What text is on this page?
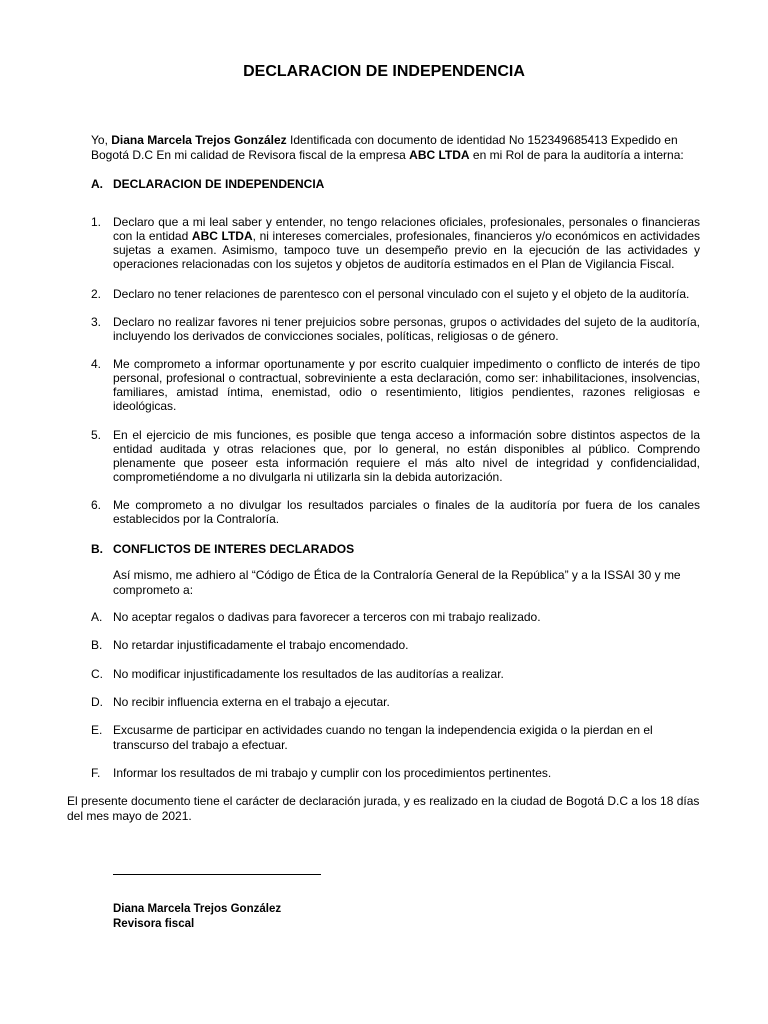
DECLARACION DE INDEPENDENCIA
Yo, Diana Marcela Trejos González Identificada con documento de identidad No 152349685413 Expedido en Bogotá D.C En mi calidad de Revisora fiscal de la empresa ABC LTDA en mi Rol de para la auditoría a interna:
A. DECLARACION DE INDEPENDENCIA
1. Declaro que a mi leal saber y entender, no tengo relaciones oficiales, profesionales, personales o financieras con la entidad ABC LTDA, ni intereses comerciales, profesionales, financieros y/o económicos en actividades sujetas a examen. Asimismo, tampoco tuve un desempeño previo en la ejecución de las actividades y operaciones relacionadas con los sujetos y objetos de auditoría estimados en el Plan de Vigilancia Fiscal.
2. Declaro no tener relaciones de parentesco con el personal vinculado con el sujeto y el objeto de la auditoría.
3. Declaro no realizar favores ni tener prejuicios sobre personas, grupos o actividades del sujeto de la auditoría, incluyendo los derivados de convicciones sociales, políticas, religiosas o de género.
4. Me comprometo a informar oportunamente y por escrito cualquier impedimento o conflicto de interés de tipo personal, profesional o contractual, sobreviniente a esta declaración, como ser: inhabilitaciones, insolvencias, familiares, amistad íntima, enemistad, odio o resentimiento, litigios pendientes, razones religiosas e ideológicas.
5. En el ejercicio de mis funciones, es posible que tenga acceso a información sobre distintos aspectos de la entidad auditada y otras relaciones que, por lo general, no están disponibles al público. Comprendo plenamente que poseer esta información requiere el más alto nivel de integridad y confidencialidad, comprometiéndome a no divulgarla ni utilizarla sin la debida autorización.
6. Me comprometo a no divulgar los resultados parciales o finales de la auditoría por fuera de los canales establecidos por la Contraloría.
B. CONFLICTOS DE INTERES DECLARADOS
Así mismo, me adhiero al “Código de Ética de la Contraloría General de la República” y a la ISSAI 30 y me comprometo a:
A. No aceptar regalos o dadivas para favorecer a terceros con mi trabajo realizado.
B. No retardar injustificadamente el trabajo encomendado.
C. No modificar injustificadamente los resultados de las auditorías a realizar.
D. No recibir influencia externa en el trabajo a ejecutar.
E. Excusarme de participar en actividades cuando no tengan la independencia exigida o la pierdan en el transcurso del trabajo a efectuar.
F. Informar los resultados de mi trabajo y cumplir con los procedimientos pertinentes.
El presente documento tiene el carácter de declaración jurada, y es realizado en la ciudad de Bogotá D.C a los 18 días del mes mayo de 2021.
Diana Marcela Trejos González
Revisora fiscal
